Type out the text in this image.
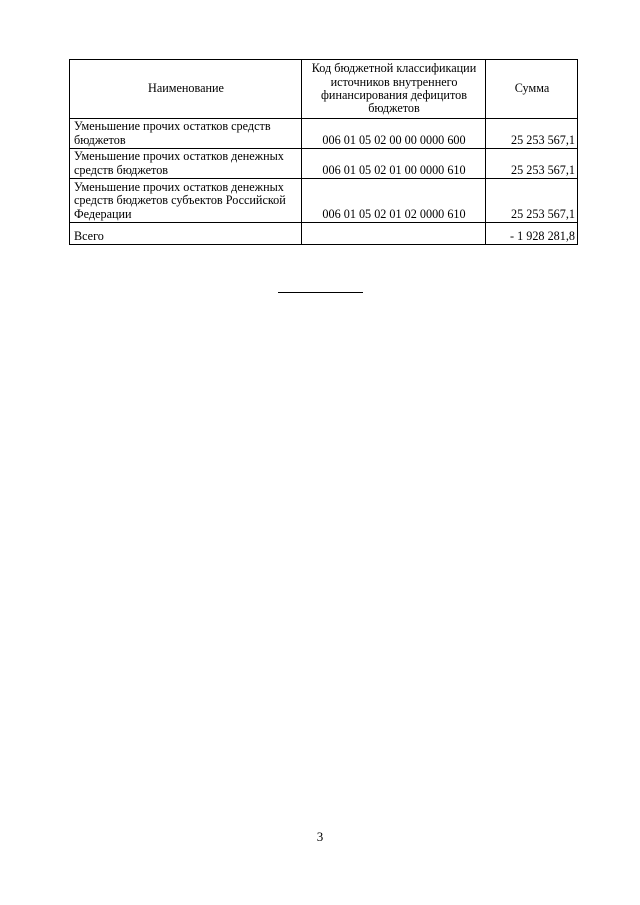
Наименование	Код бюджетной классификации источников внутреннего финансирования дефицитов бюджетов	Сумма
Уменьшение прочих остатков средств бюджетов	006 01 05 02 00 00 0000 600	25 253 567,1
Уменьшение прочих остатков денежных средств бюджетов	006 01 05 02 01 00 0000 610	25 253 567,1
Уменьшение прочих остатков денежных средств бюджетов субъектов Российской Федерации	006 01 05 02 01 02 0000 610	25 253 567,1
Всего		- 1 928 281,8
3
